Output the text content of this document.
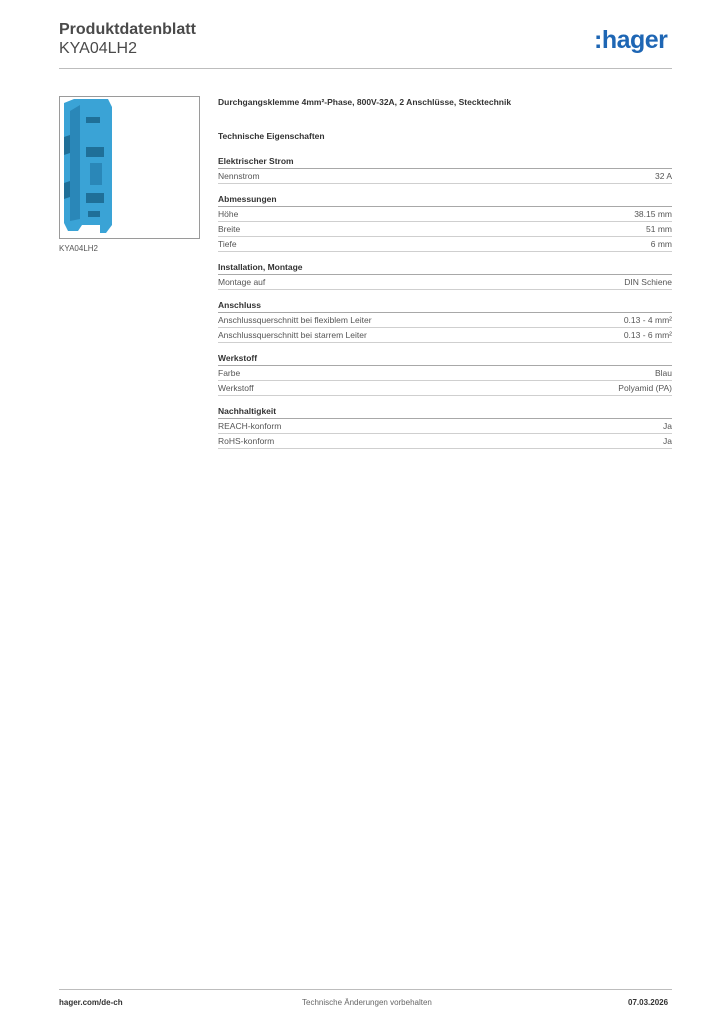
Produktdatenblatt
KYA04LH2	:hager
KYA04LH2
Durchgangsklemme 4mm²-Phase, 800V-32A, 2 Anschlüsse, Stecktechnik
Technische Eigenschaften
Elektrischer Strom
Nennstrom	32 A
Abmessungen
Höhe	38.15 mm
Breite	51 mm
Tiefe	6 mm
Installation, Montage
Montage auf	DIN Schiene
Anschluss
Anschlussquerschnitt bei flexiblem Leiter	0.13 - 4 mm²
Anschlussquerschnitt bei starrem Leiter	0.13 - 6 mm²
Werkstoff
Farbe	Blau
Werkstoff	Polyamid (PA)
Nachhaltigkeit
REACH-konform	Ja
RoHS-konform	Ja
hager.com/de-ch	Technische Änderungen vorbehalten	07.03.2026
